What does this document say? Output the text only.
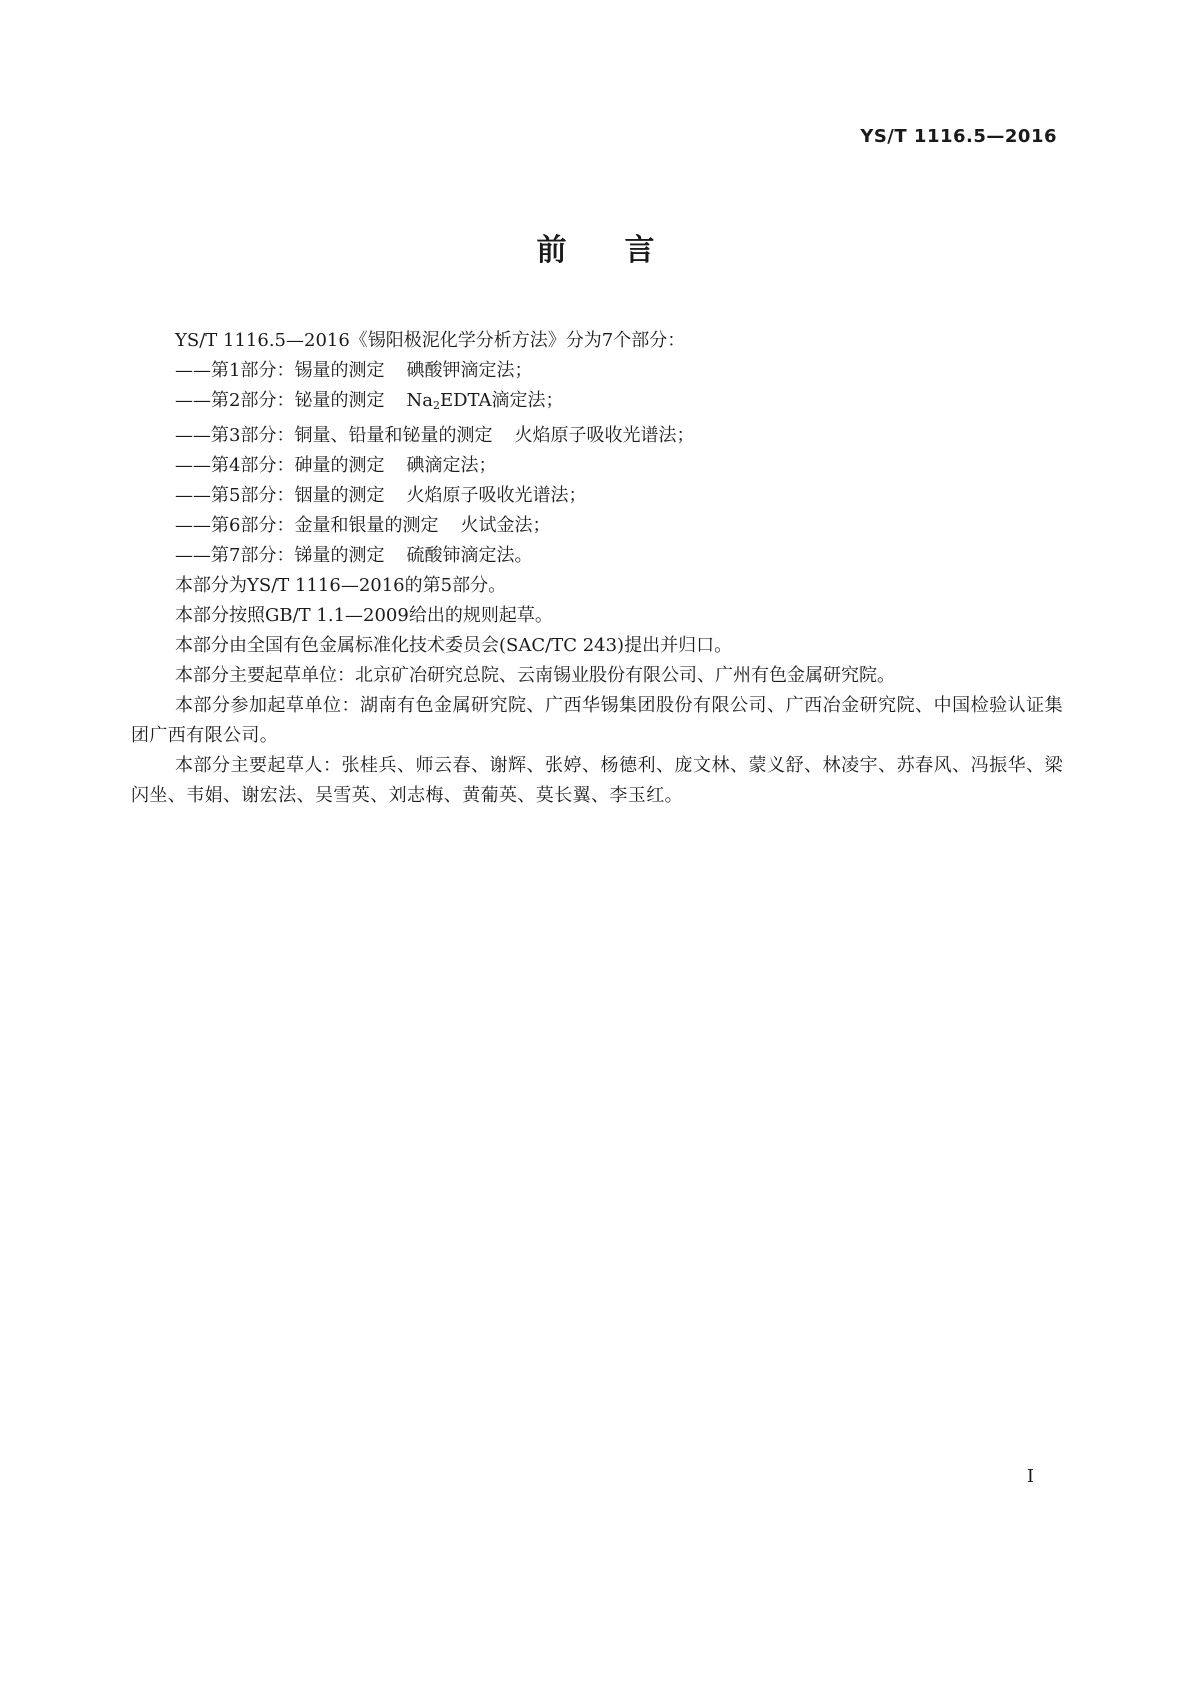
YS/T 1116.5—2016
前言

YS/T 1116.5—2016《锡阳极泥化学分析方法》分为7个部分：

——第1部分：锡量的测定 碘酸钾滴定法；
——第2部分：铋量的测定 $Na_2EDTA$滴定法；
——第3部分：铜量、铅量和铋量的测定 火焰原子吸收光谱法；
——第4部分：砷量的测定 碘滴定法；
——第5部分：铟量的测定 火焰原子吸收光谱法；
——第6部分：金量和银量的测定 火试金法；
——第7部分：锑量的测定 硫酸铈滴定法。

本部分为YS/T 1116—2016的第5部分。

本部分按照GB/T 1.1—2009给出的规则起草。

本部分由全国有色金属标准化技术委员会(SAC/TC 243)提出并归口。

本部分主要起草单位：北京矿冶研究总院、云南锡业股份有限公司、广州有色金属研究院。

本部分参加起草单位：湖南有色金属研究院、广西华锡集团股份有限公司、广西冶金研究院、中国检验认证集团广西有限公司。

本部分主要起草人：张桂兵、师云春、谢辉、张婷、杨德利、庞文林、蒙义舒、林凌宇、苏春风、冯振华、梁闪坐、韦娟、谢宏法、吴雪英、刘志梅、黄葡英、莫长翼、李玉红。

I
